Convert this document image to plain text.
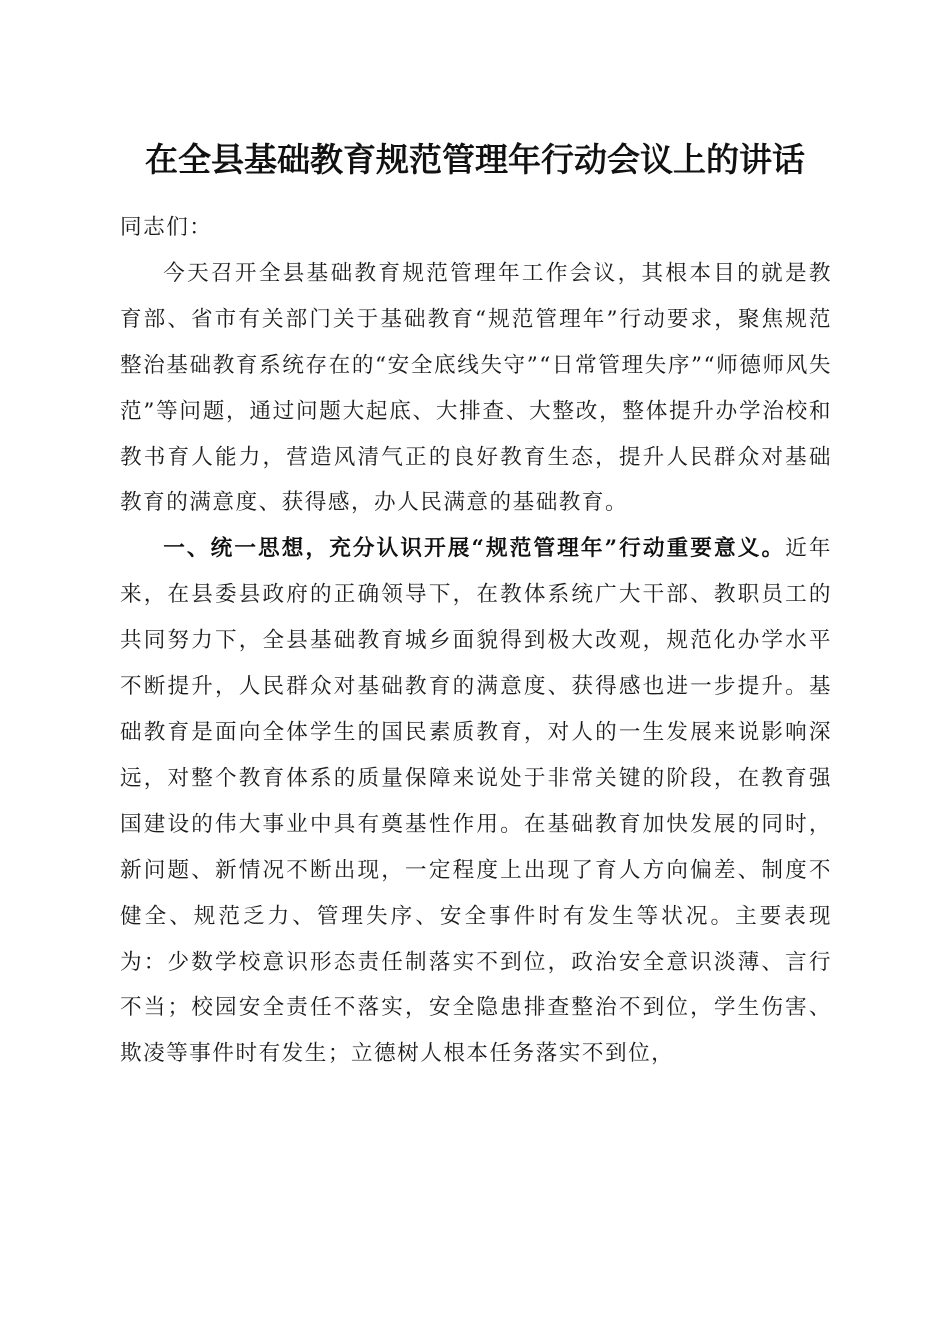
在全县基础教育规范管理年行动会议上的讲话

同志们：

今天召开全县基础教育规范管理年工作会议，其根本目的就是教育部、省市有关部门关于基础教育“规范管理年”行动要求，聚焦规范整治基础教育系统存在的“安全底线失守”“日常管理失序”“师德师风失范”等问题，通过问题大起底、大排查、大整改，整体提升办学治校和教书育人能力，营造风清气正的良好教育生态，提升人民群众对基础教育的满意度、获得感，办人民满意的基础教育。

一、统一思想，充分认识开展“规范管理年”行动重要意义。近年来，在县委县政府的正确领导下，在教体系统广大干部、教职员工的共同努力下，全县基础教育城乡面貌得到极大改观，规范化办学水平不断提升，人民群众对基础教育的满意度、获得感也进一步提升。基础教育是面向全体学生的国民素质教育，对人的一生发展来说影响深远，对整个教育体系的质量保障来说处于非常关键的阶段，在教育强国建设的伟大事业中具有奠基性作用。在基础教育加快发展的同时，新问题、新情况不断出现，一定程度上出现了育人方向偏差、制度不健全、规范乏力、管理失序、安全事件时有发生等状况。主要表现为：少数学校意识形态责任制落实不到位，政治安全意识淡薄、言行不当；校园安全责任不落实，安全隐患排查整治不到位，学生伤害、欺凌等事件时有发生；立德树人根本任务落实不到位，
